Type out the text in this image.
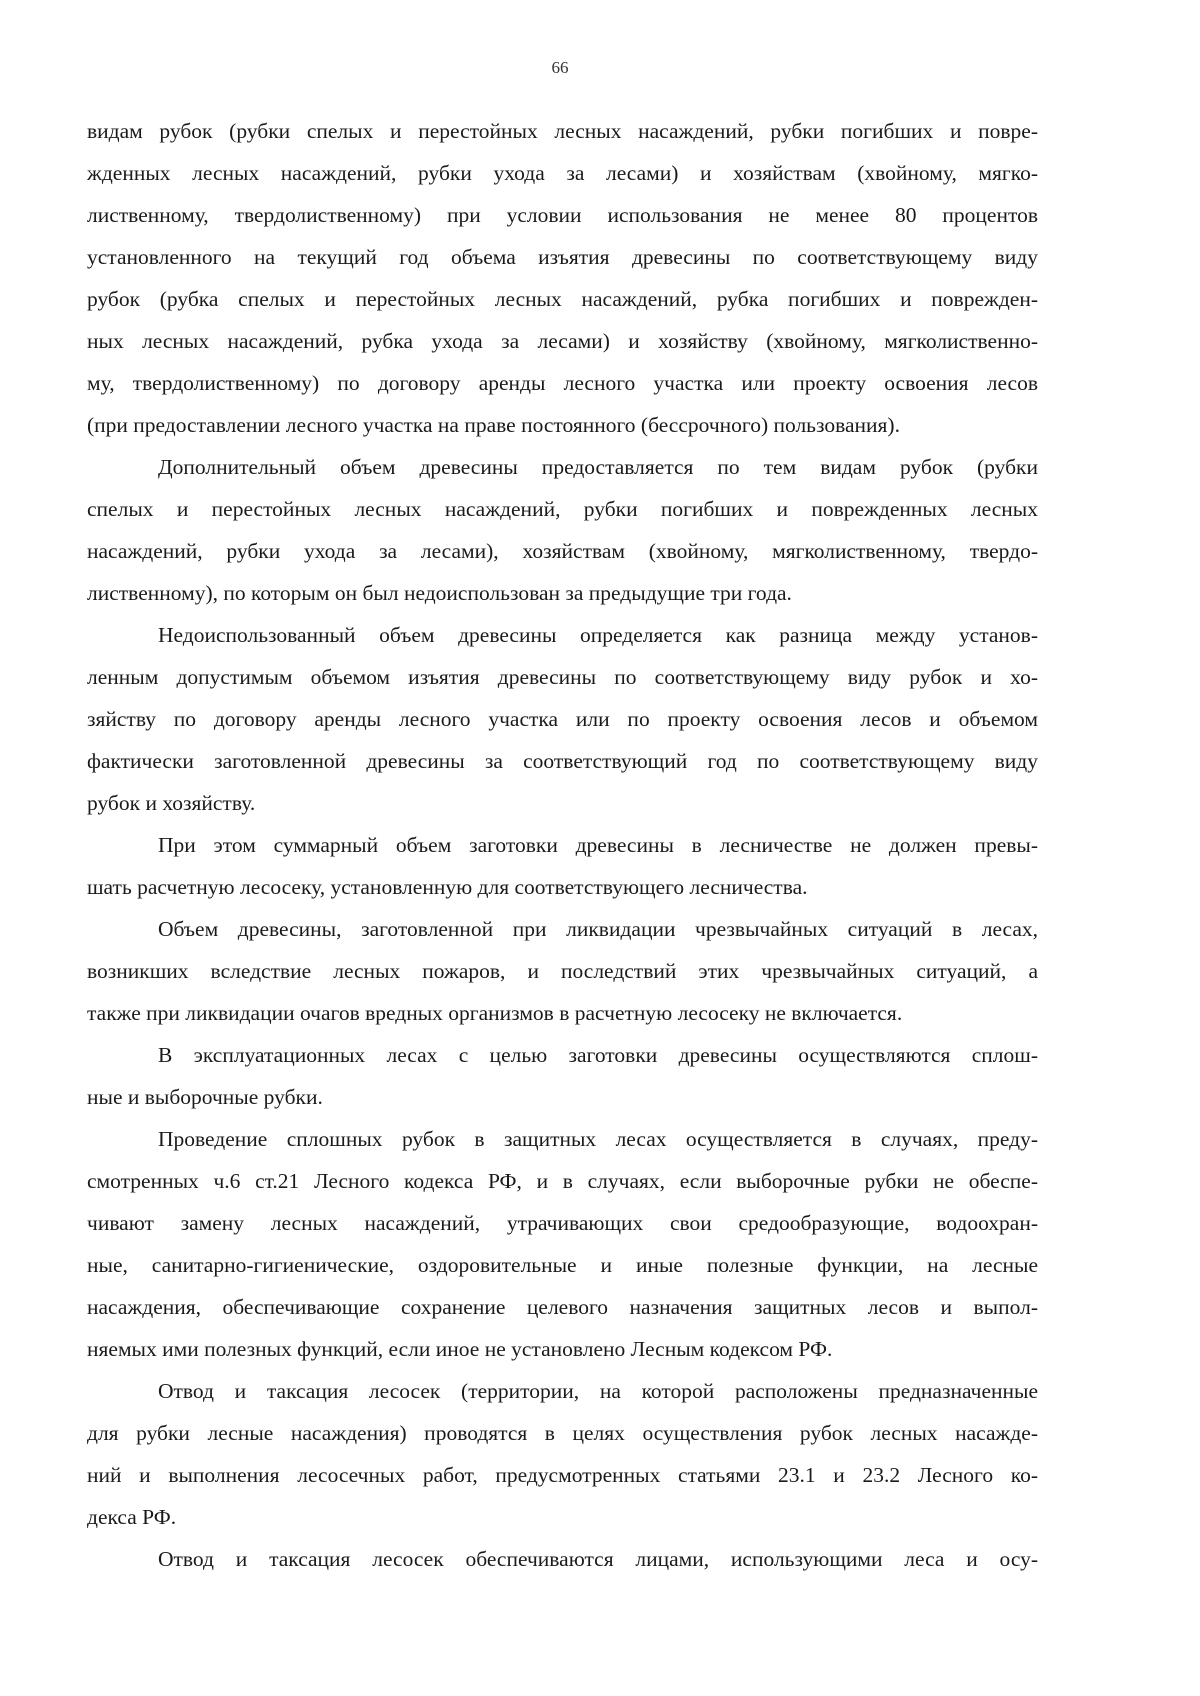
66
видам рубок (рубки спелых и перестойных лесных насаждений, рубки погибших и повре-
жденных лесных насаждений, рубки ухода за лесами) и хозяйствам (хвойному, мягко-
лиственному, твердолиственному) при условии использования не менее 80 процентов
установленного на текущий год объема изъятия древесины по соответствующему виду
рубок (рубка спелых и перестойных лесных насаждений, рубка погибших и поврежден-
ных лесных насаждений, рубка ухода за лесами) и хозяйству (хвойному, мягколиственно-
му, твердолиственному) по договору аренды лесного участка или проекту освоения лесов
(при предоставлении лесного участка на праве постоянного (бессрочного) пользования).
Дополнительный объем древесины предоставляется по тем видам рубок (рубки
спелых и перестойных лесных насаждений, рубки погибших и поврежденных лесных
насаждений, рубки ухода за лесами), хозяйствам (хвойному, мягколиственному, твердо-
лиственному), по которым он был недоиспользован за предыдущие три года.
Недоиспользованный объем древесины определяется как разница между установ-
ленным допустимым объемом изъятия древесины по соответствующему виду рубок и хо-
зяйству по договору аренды лесного участка или по проекту освоения лесов и объемом
фактически заготовленной древесины за соответствующий год по соответствующему виду
рубок и хозяйству.
При этом суммарный объем заготовки древесины в лесничестве не должен превы-
шать расчетную лесосеку, установленную для соответствующего лесничества.
Объем древесины, заготовленной при ликвидации чрезвычайных ситуаций в лесах,
возникших вследствие лесных пожаров, и последствий этих чрезвычайных ситуаций, а
также при ликвидации очагов вредных организмов в расчетную лесосеку не включается.
В эксплуатационных лесах с целью заготовки древесины осуществляются сплош-
ные и выборочные рубки.
Проведение сплошных рубок в защитных лесах осуществляется в случаях, преду-
смотренных ч.6 ст.21 Лесного кодекса РФ, и в случаях, если выборочные рубки не обеспе-
чивают замену лесных насаждений, утрачивающих свои средообразующие, водоохран-
ные, санитарно-гигиенические, оздоровительные и иные полезные функции, на лесные
насаждения, обеспечивающие сохранение целевого назначения защитных лесов и выпол-
няемых ими полезных функций, если иное не установлено Лесным кодексом РФ.
Отвод и таксация лесосек (территории, на которой расположены предназначенные
для рубки лесные насаждения) проводятся в целях осуществления рубок лесных насажде-
ний и выполнения лесосечных работ, предусмотренных статьями 23.1 и 23.2 Лесного ко-
декса РФ.
Отвод и таксация лесосек обеспечиваются лицами, использующими леса и осу-
